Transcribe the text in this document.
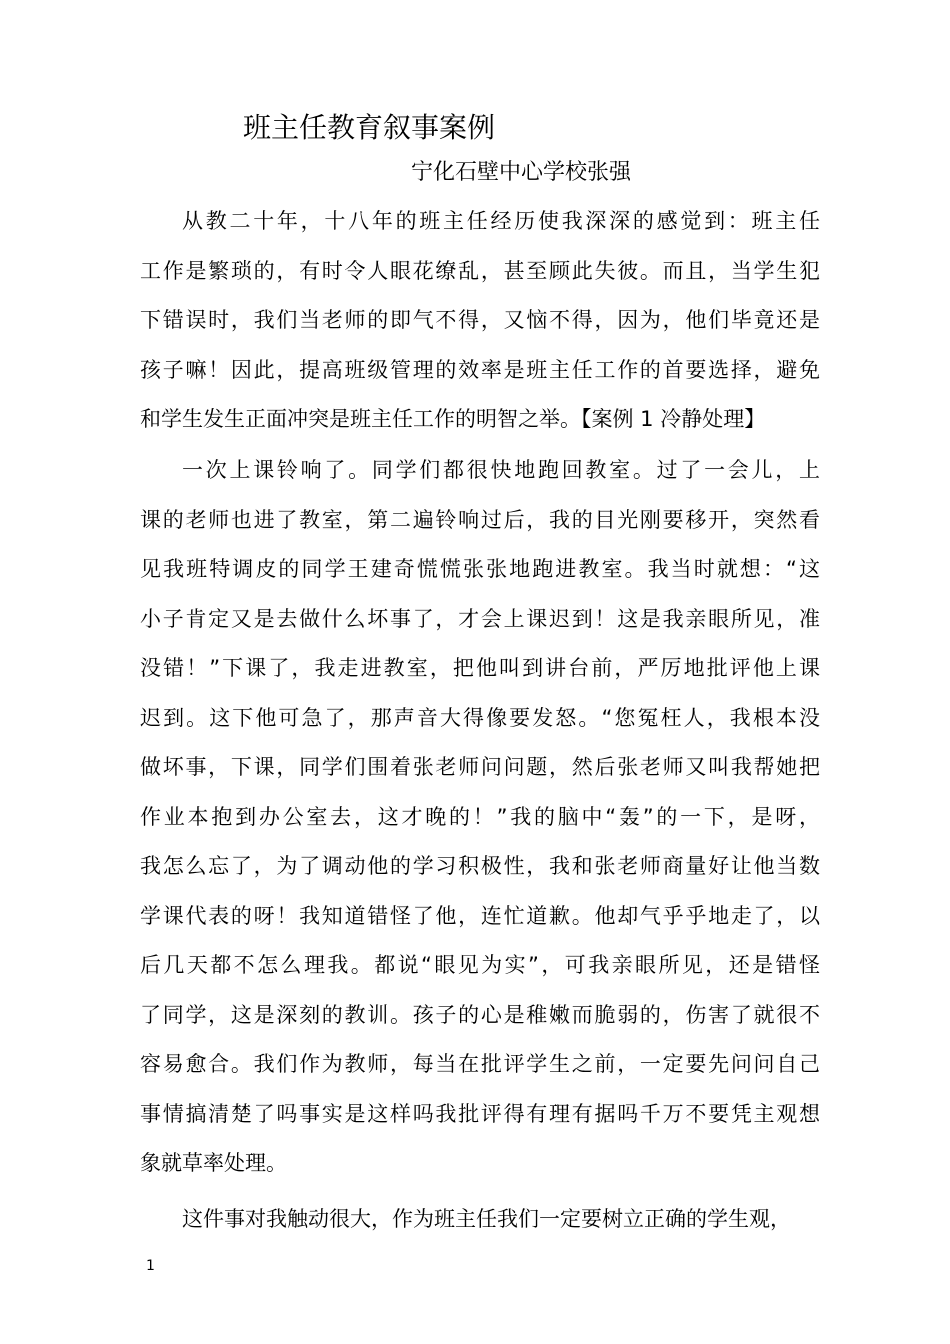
班主任教育叙事案例
宁化石壁中心学校张强
从教二十年，十八年的班主任经历使我深深的感觉到：班主任
工作是繁琐的，有时令人眼花缭乱，甚至顾此失彼。而且，当学生犯
下错误时，我们当老师的即气不得，又恼不得，因为，他们毕竟还是
孩子嘛！因此，提高班级管理的效率是班主任工作的首要选择，避免
和学生发生正面冲突是班主任工作的明智之举。【案例 1 冷静处理】
一次上课铃响了。同学们都很快地跑回教室。过了一会儿，上
课的老师也进了教室，第二遍铃响过后，我的目光刚要移开，突然看
见我班特调皮的同学王建奇慌慌张张地跑进教室。我当时就想：“这
小子肯定又是去做什么坏事了，才会上课迟到！这是我亲眼所见，准
没错！”下课了，我走进教室，把他叫到讲台前，严厉地批评他上课
迟到。这下他可急了，那声音大得像要发怒。“您冤枉人，我根本没
做坏事，下课，同学们围着张老师问问题，然后张老师又叫我帮她把
作业本抱到办公室去，这才晚的！”我的脑中“轰”的一下，是呀，
我怎么忘了，为了调动他的学习积极性，我和张老师商量好让他当数
学课代表的呀！我知道错怪了他，连忙道歉。他却气乎乎地走了，以
后几天都不怎么理我。都说“眼见为实”，可我亲眼所见，还是错怪
了同学，这是深刻的教训。孩子的心是稚嫩而脆弱的，伤害了就很不
容易愈合。我们作为教师，每当在批评学生之前，一定要先问问自己
事情搞清楚了吗事实是这样吗我批评得有理有据吗千万不要凭主观想
象就草率处理。
这件事对我触动很大，作为班主任我们一定要树立正确的学生观，
1
